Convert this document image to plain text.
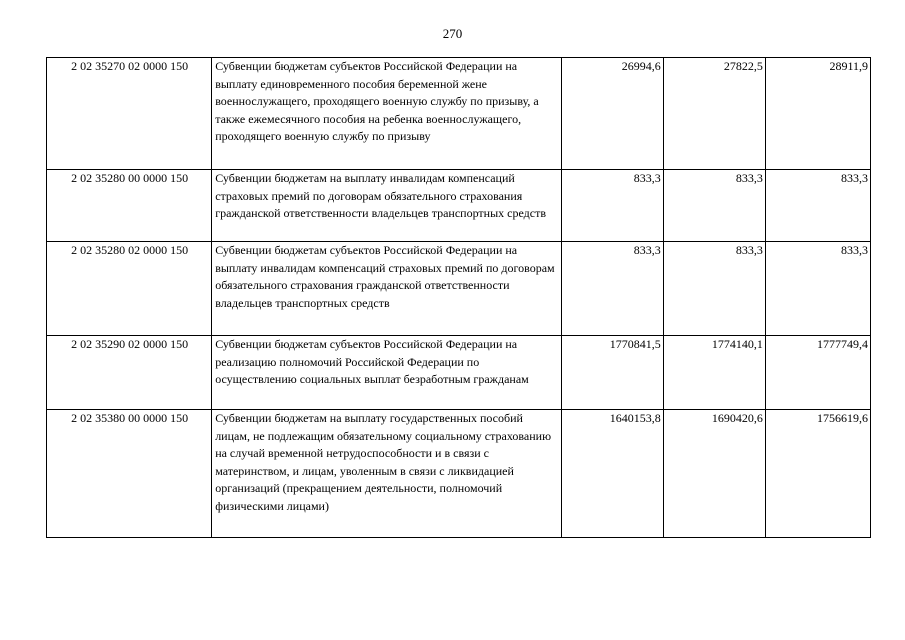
270
2 02 35270 02 0000 150	Субвенции бюджетам субъектов Российской Федерации на выплату единовременного пособия беременной жене военнослужащего, проходящего военную службу по призыву, а также ежемесячного пособия на ребенка военнослужащего, проходящего военную службу по призыву	26994,6	27822,5	28911,9
2 02 35280 00 0000 150	Субвенции бюджетам на выплату инвалидам компенсаций страховых премий по договорам обязательного страхования гражданской ответственности владельцев транспортных средств	833,3	833,3	833,3
2 02 35280 02 0000 150	Субвенции бюджетам субъектов Российской Федерации на выплату инвалидам компенсаций страховых премий по договорам обязательного страхования гражданской ответственности владельцев транспортных средств	833,3	833,3	833,3
2 02 35290 02 0000 150	Субвенции бюджетам субъектов Российской Федерации на реализацию полномочий Российской Федерации по осуществлению социальных выплат безработным гражданам	1770841,5	1774140,1	1777749,4
2 02 35380 00 0000 150	Субвенции бюджетам на выплату государственных пособий лицам, не подлежащим обязательному социальному страхованию на случай временной нетрудоспособности и в связи с материнством, и лицам, уволенным в связи с ликвидацией организаций (прекращением деятельности, полномочий физическими лицами)	1640153,8	1690420,6	1756619,6
